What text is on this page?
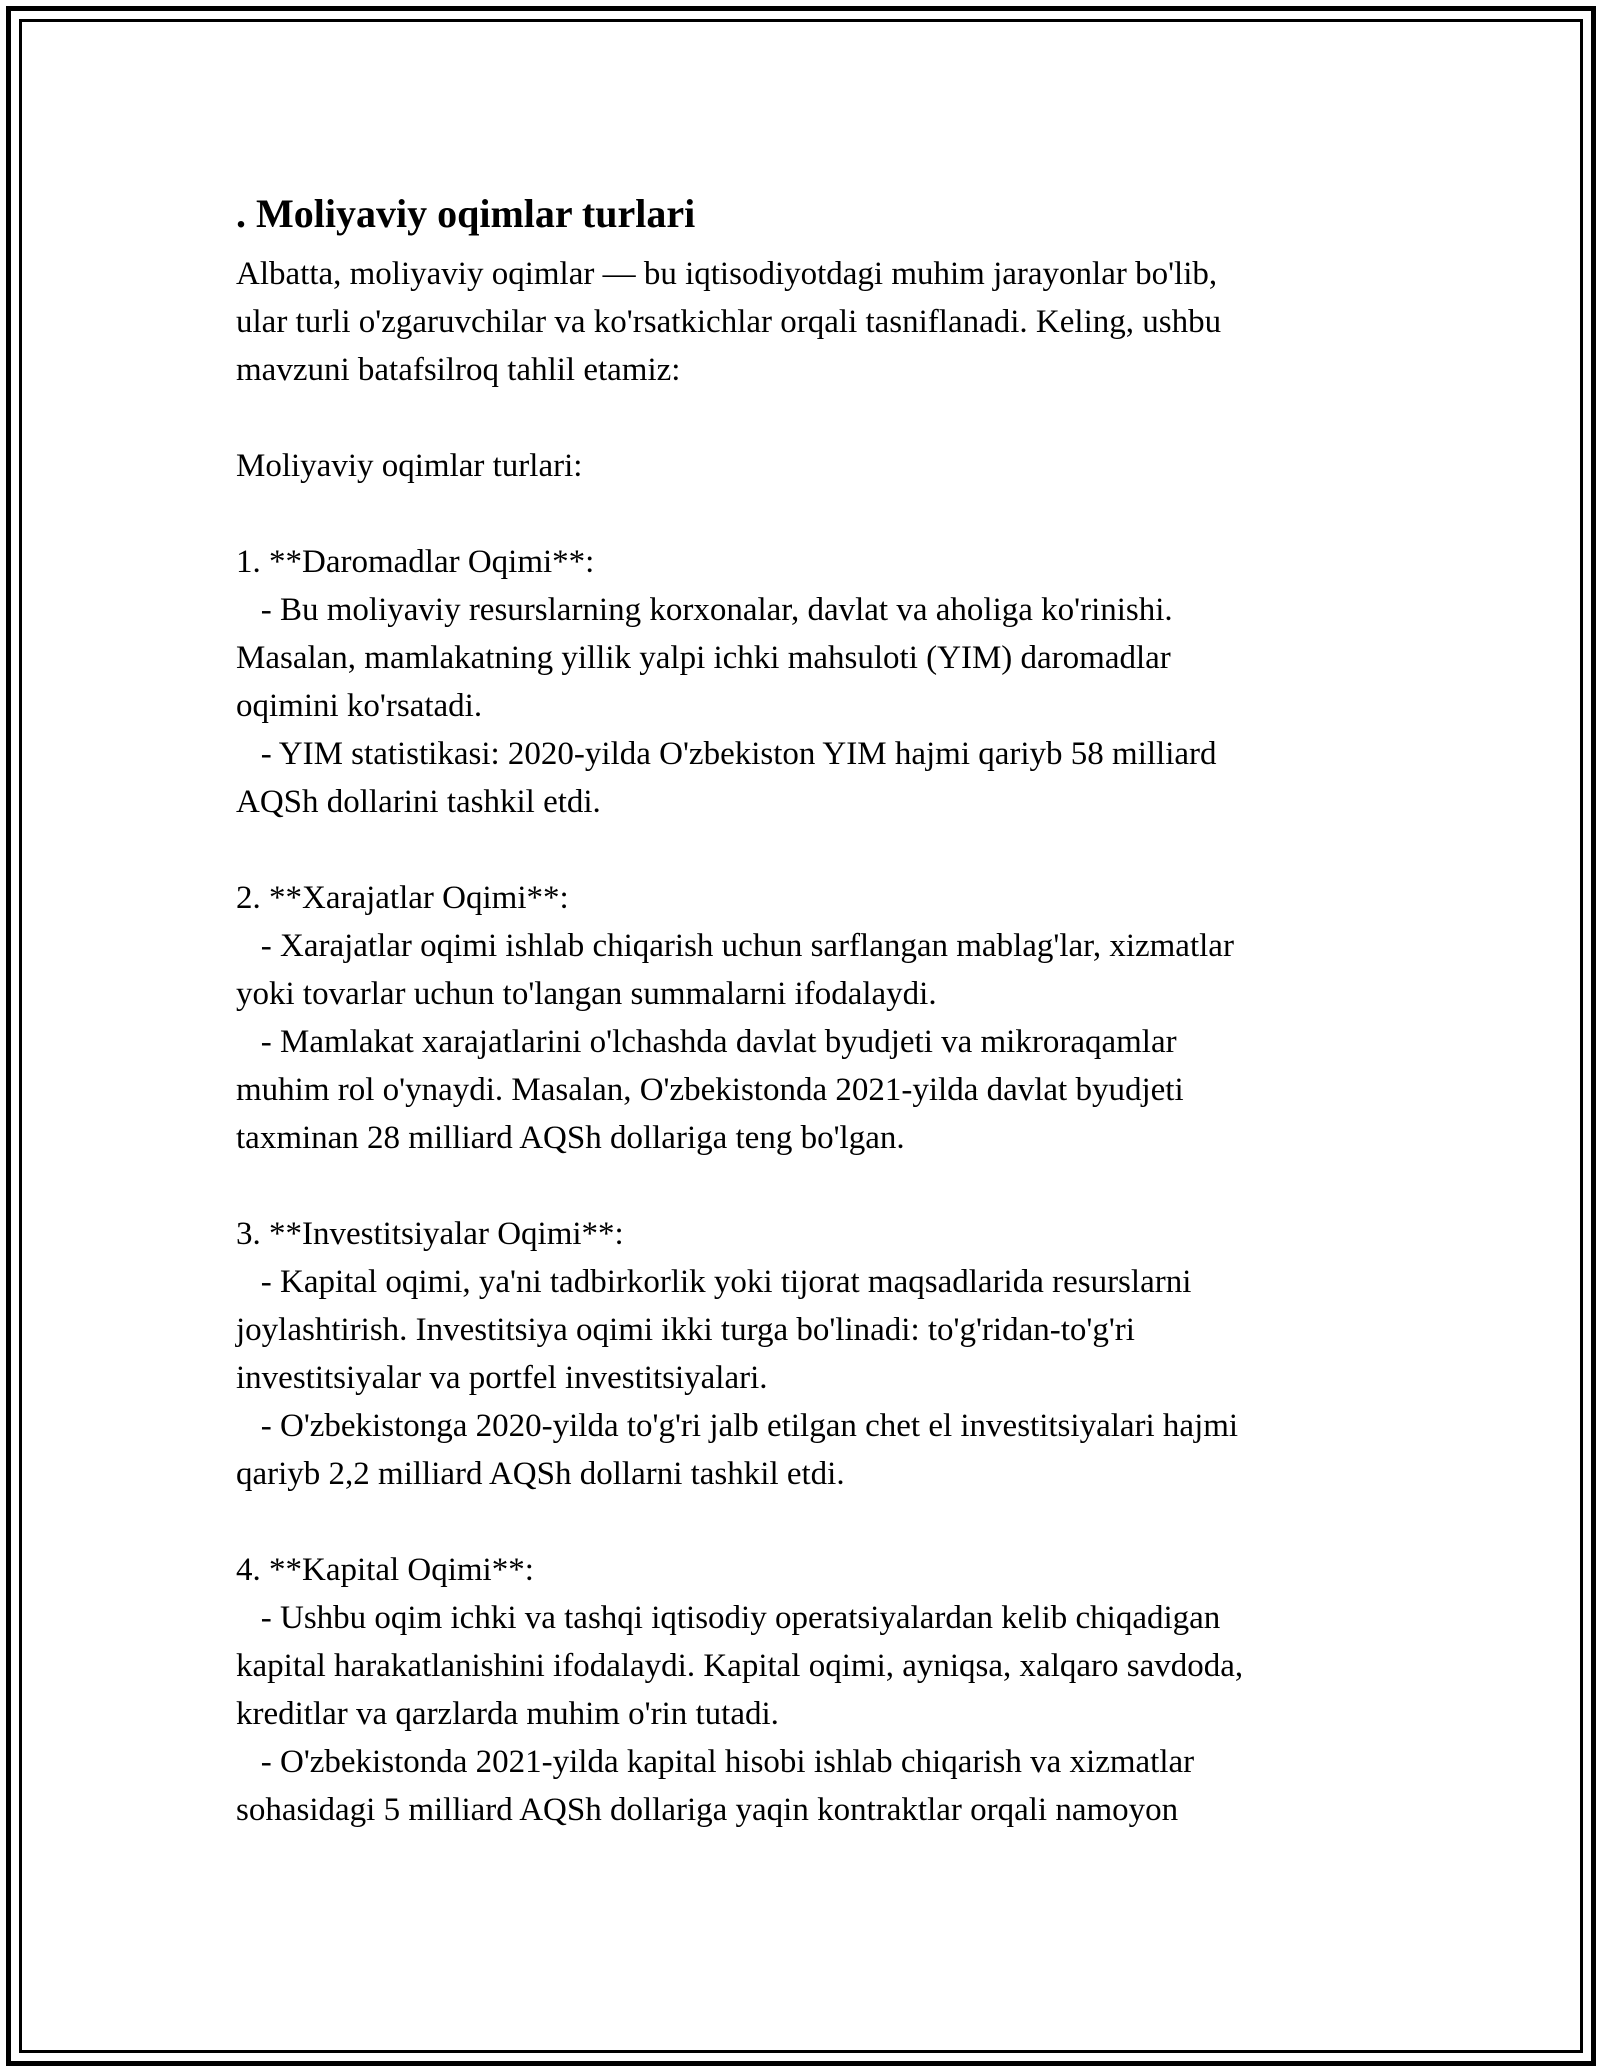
. Moliyaviy oqimlar turlari
Albatta, moliyaviy oqimlar — bu iqtisodiyotdagi muhim jarayonlar bo'lib,
ular turli o'zgaruvchilar va ko'rsatkichlar orqali tasniflanadi. Keling, ushbu
mavzuni batafsilroq tahlil etamiz:
Moliyaviy oqimlar turlari:
1. **Daromadlar Oqimi**:
- Bu moliyaviy resurslarning korxonalar, davlat va aholiga ko'rinishi.
Masalan, mamlakatning yillik yalpi ichki mahsuloti (YIM) daromadlar
oqimini ko'rsatadi.
- YIM statistikasi: 2020-yilda O'zbekiston YIM hajmi qariyb 58 milliard
AQSh dollarini tashkil etdi.
2. **Xarajatlar Oqimi**:
- Xarajatlar oqimi ishlab chiqarish uchun sarflangan mablag'lar, xizmatlar
yoki tovarlar uchun to'langan summalarni ifodalaydi.
- Mamlakat xarajatlarini o'lchashda davlat byudjeti va mikroraqamlar
muhim rol o'ynaydi. Masalan, O'zbekistonda 2021-yilda davlat byudjeti
taxminan 28 milliard AQSh dollariga teng bo'lgan.
3. **Investitsiyalar Oqimi**:
- Kapital oqimi, ya'ni tadbirkorlik yoki tijorat maqsadlarida resurslarni
joylashtirish. Investitsiya oqimi ikki turga bo'linadi: to'g'ridan-to'g'ri
investitsiyalar va portfel investitsiyalari.
- O'zbekistonga 2020-yilda to'g'ri jalb etilgan chet el investitsiyalari hajmi
qariyb 2,2 milliard AQSh dollarni tashkil etdi.
4. **Kapital Oqimi**:
- Ushbu oqim ichki va tashqi iqtisodiy operatsiyalardan kelib chiqadigan
kapital harakatlanishini ifodalaydi. Kapital oqimi, ayniqsa, xalqaro savdoda,
kreditlar va qarzlarda muhim o'rin tutadi.
- O'zbekistonda 2021-yilda kapital hisobi ishlab chiqarish va xizmatlar
sohasidagi 5 milliard AQSh dollariga yaqin kontraktlar orqali namoyon
